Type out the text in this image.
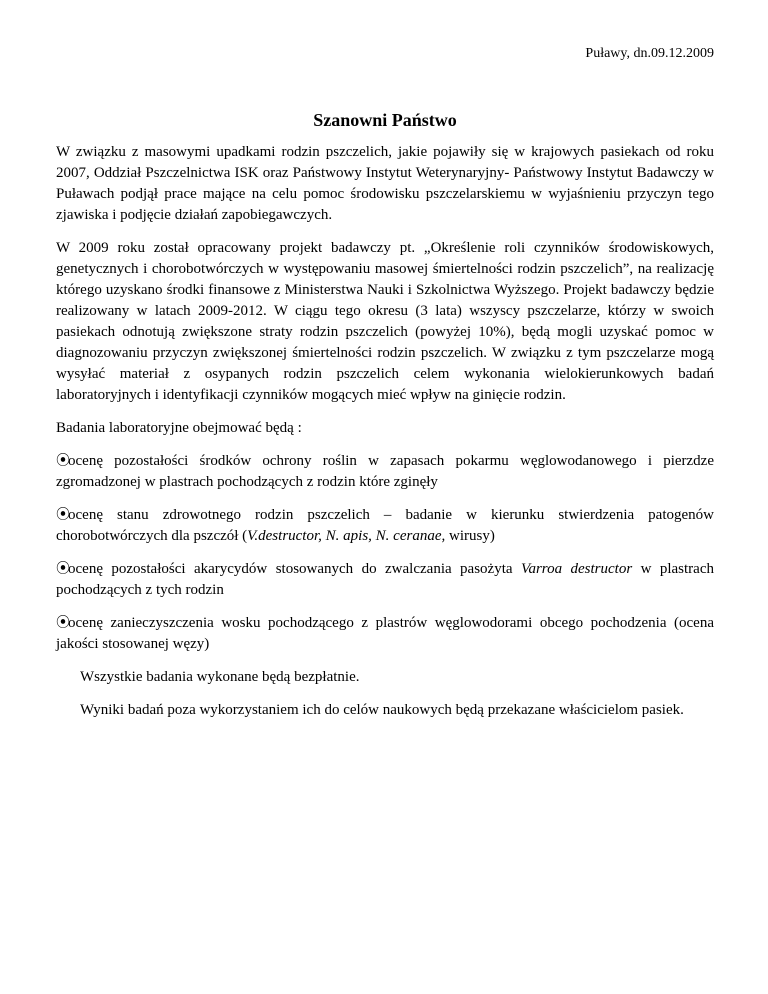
Puławy, dn.09.12.2009
Szanowni Państwo

W związku z masowymi upadkami rodzin pszczelich, jakie pojawiły się w krajowych pasiekach od roku 2007, Oddział Pszczelnictwa ISK oraz Państwowy Instytut Weterynaryjny- Państwowy Instytut Badawczy w Puławach podjął prace mające na celu pomoc środowisku pszczelarskiemu w wyjaśnieniu przyczyn tego zjawiska i podjęcie działań zapobiegawczych.

W 2009 roku został opracowany projekt badawczy pt. „Określenie roli czynników środowiskowych, genetycznych i chorobotwórczych w występowaniu masowej śmiertelności rodzin pszczelich”, na realizację którego uzyskano środki finansowe z Ministerstwa Nauki i Szkolnictwa Wyższego. Projekt badawczy będzie realizowany w latach 2009-2012. W ciągu tego okresu (3 lata) wszyscy pszczelarze, którzy w swoich pasiekach odnotują zwiększone straty rodzin pszczelich (powyżej 10%), będą mogli uzyskać pomoc w diagnozowaniu przyczyn zwiększonej śmiertelności rodzin pszczelich. W związku z tym pszczelarze mogą wysyłać materiał z osypanych rodzin pszczelich celem wykonania wielokierunkowych badań laboratoryjnych i identyfikacji czynników mogących mieć wpływ na ginięcie rodzin.

Badania laboratoryjne obejmować będą :

⦿ocenę pozostałości środków ochrony roślin w zapasach pokarmu węglowodanowego i pierzdze zgromadzonej w plastrach pochodzących z rodzin które zginęły
⦿ocenę stanu zdrowotnego rodzin pszczelich – badanie w kierunku stwierdzenia patogenów chorobotwórczych dla pszczół (V.destructor, N. apis, N. ceranae, wirusy)
⦿ocenę pozostałości akarycydów stosowanych do zwalczania pasożyta Varroa destructor w plastrach pochodzących z tych rodzin
⦿ocenę zanieczyszczenia wosku pochodzącego z plastrów węglowodorami obcego pochodzenia (ocena jakości stosowanej węzy)

Wszystkie badania wykonane będą bezpłatnie.

Wyniki badań poza wykorzystaniem ich do celów naukowych będą przekazane właścicielom pasiek.
